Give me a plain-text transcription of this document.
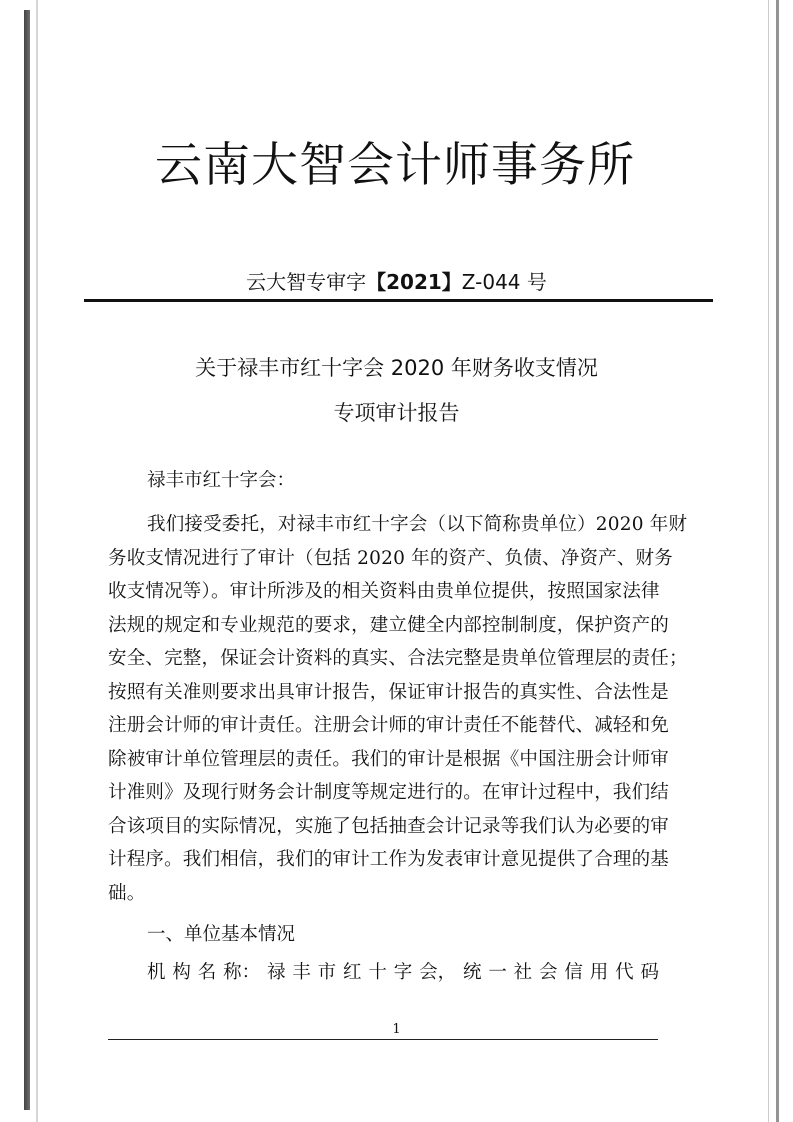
云南大智会计师事务所
云大智专审字【2021】Z-044 号
关于禄丰市红十字会 2020 年财务收支情况
专项审计报告
禄丰市红十字会：
我们接受委托，对禄丰市红十字会（以下简称贵单位）2020 年财
务收支情况进行了审计（包括 2020 年的资产、负债、净资产、财务
收支情况等）。审计所涉及的相关资料由贵单位提供，按照国家法律
法规的规定和专业规范的要求，建立健全内部控制制度，保护资产的
安全、完整，保证会计资料的真实、合法完整是贵单位管理层的责任；
按照有关准则要求出具审计报告，保证审计报告的真实性、合法性是
注册会计师的审计责任。注册会计师的审计责任不能替代、减轻和免
除被审计单位管理层的责任。我们的审计是根据《中国注册会计师审
计准则》及现行财务会计制度等规定进行的。在审计过程中，我们结
合该项目的实际情况，实施了包括抽查会计记录等我们认为必要的审
计程序。我们相信，我们的审计工作为发表审计意见提供了合理的基
础。
一、单位基本情况
机 构 名 称： 禄 丰 市 红 十 字 会， 统 一 社 会 信 用 代 码
1
